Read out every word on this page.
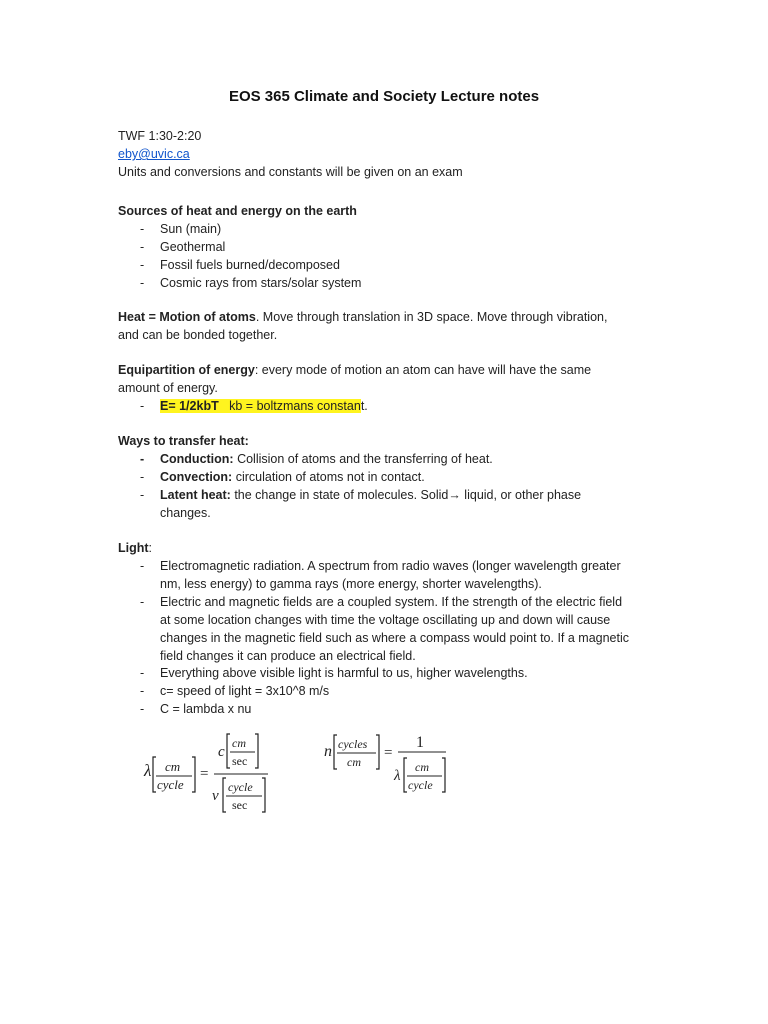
EOS 365 Climate and Society Lecture notes
TWF 1:30-2:20
eby@uvic.ca
Units and conversions and constants will be given on an exam
Sources of heat and energy on the earth
-	Sun (main)
-	Geothermal
-	Fossil fuels burned/decomposed
-	Cosmic rays from stars/solar system
Heat = Motion of atoms. Move through translation in 3D space. Move through vibration,
and can be bonded together.
Equipartition of energy: every mode of motion an atom can have will have the same
amount of energy.
-	E= 1/2kbT   kb = boltzmans constant.
Ways to transfer heat:
-	Conduction: Collision of atoms and the transferring of heat.
-	Convection: circulation of atoms not in contact.
-	Latent heat: the change in state of molecules. Solid→ liquid, or other phase
changes.
Light:
-	Electromagnetic radiation. A spectrum from radio waves (longer wavelength greater
nm, less energy) to gamma rays (more energy, shorter wavelengths).
-	Electric and magnetic fields are a coupled system. If the strength of the electric field
at some location changes with time the voltage oscillating up and down will cause
changes in the magnetic field such as where a compass would point to. If a magnetic
field changes it can produce an electrical field.
-	Everything above visible light is harmful to us, higher wavelengths.
-	c= speed of light = 3x10^8 m/s
-	C = lambda x nu
λ cm
cycle
=
c
cm
sec
ν
cycle
sec
n cycles
cm
=
1
λ
cm
cycle
